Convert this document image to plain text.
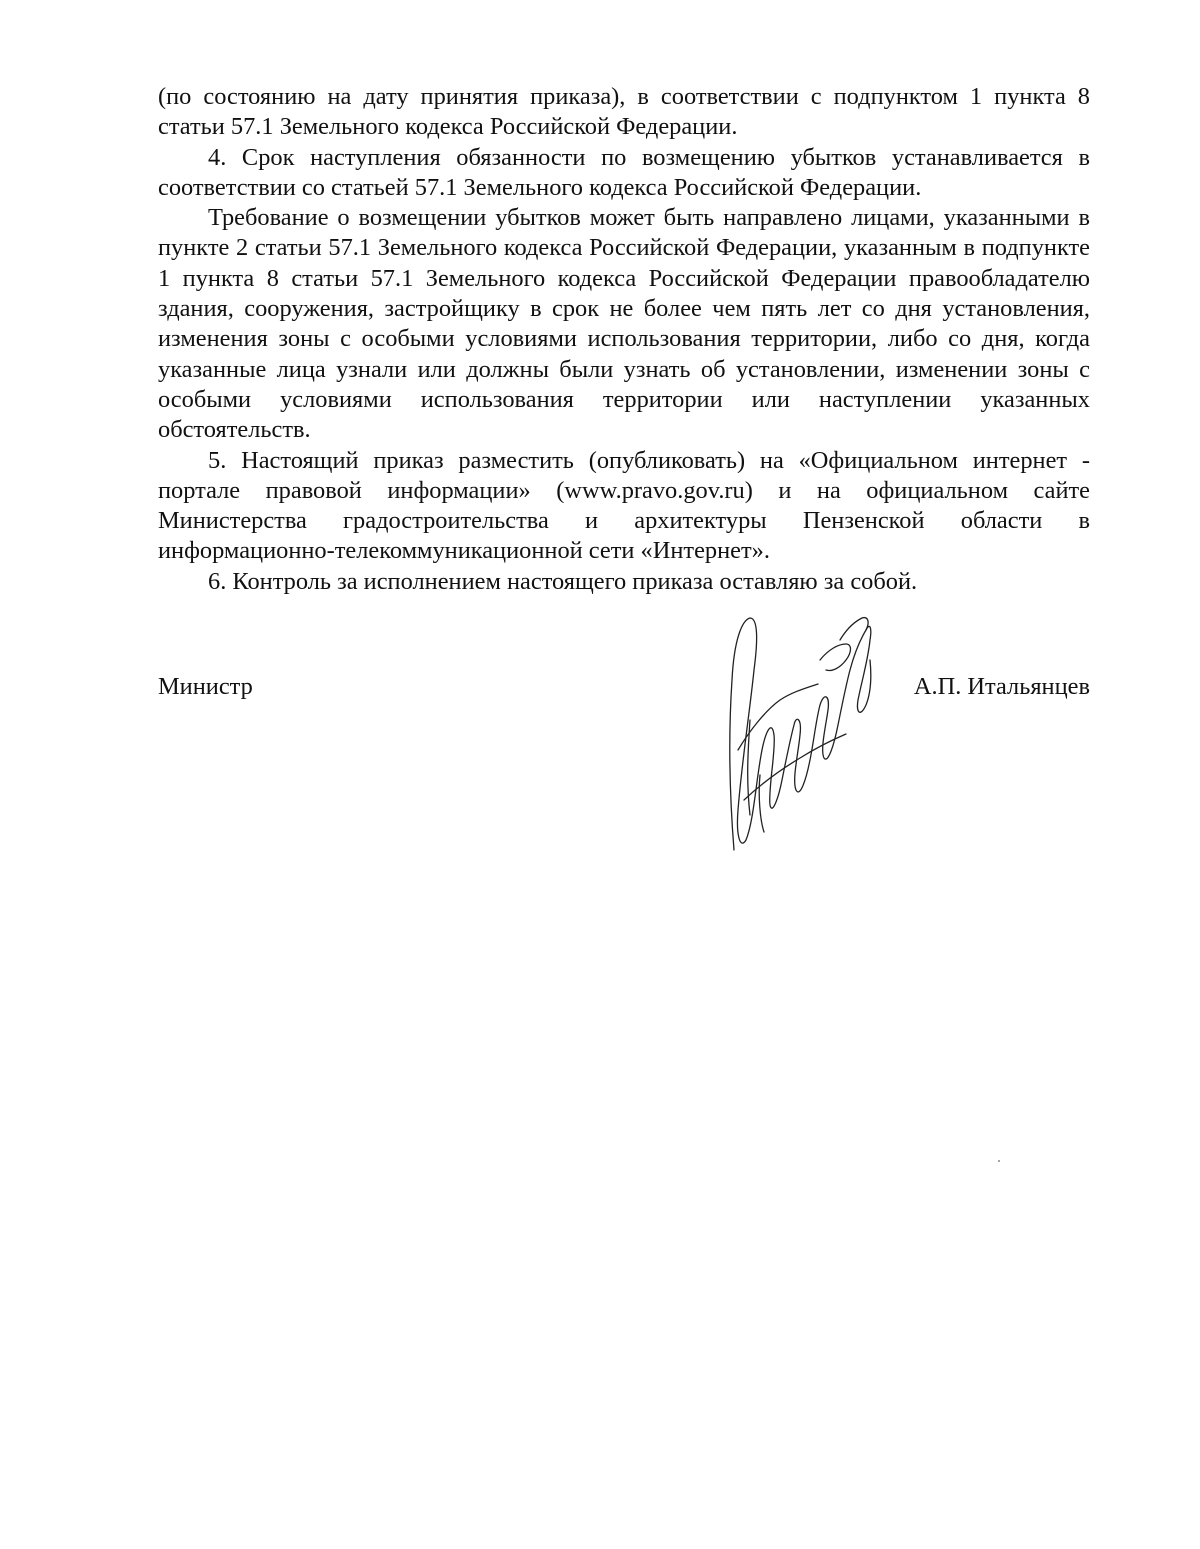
(по состоянию на дату принятия приказа), в соответствии с подпунктом 1 пункта 8 статьи 57.1 Земельного кодекса Российской Федерации.

4. Срок наступления обязанности по возмещению убытков устанавливается в соответствии со статьей 57.1 Земельного кодекса Российской Федерации.

Требование о возмещении убытков может быть направлено лицами, указанными в пункте 2 статьи 57.1 Земельного кодекса Российской Федерации, указанным в подпункте 1 пункта 8 статьи 57.1 Земельного кодекса Российской Федерации правообладателю здания, сооружения, застройщику в срок не более чем пять лет со дня установления, изменения зоны с особыми условиями использования территории, либо со дня, когда указанные лица узнали или должны были узнать об установлении, изменении зоны с особыми условиями использования территории или наступлении указанных обстоятельств.

5. Настоящий приказ разместить (опубликовать) на «Официальном интернет - портале правовой информации» (www.pravo.gov.ru) и на официальном сайте Министерства градостроительства и архитектуры Пензенской области в информационно-телекоммуникационной сети «Интернет».

6. Контроль за исполнением настоящего приказа оставляю за собой.

Министр	А.П. Итальянцев
